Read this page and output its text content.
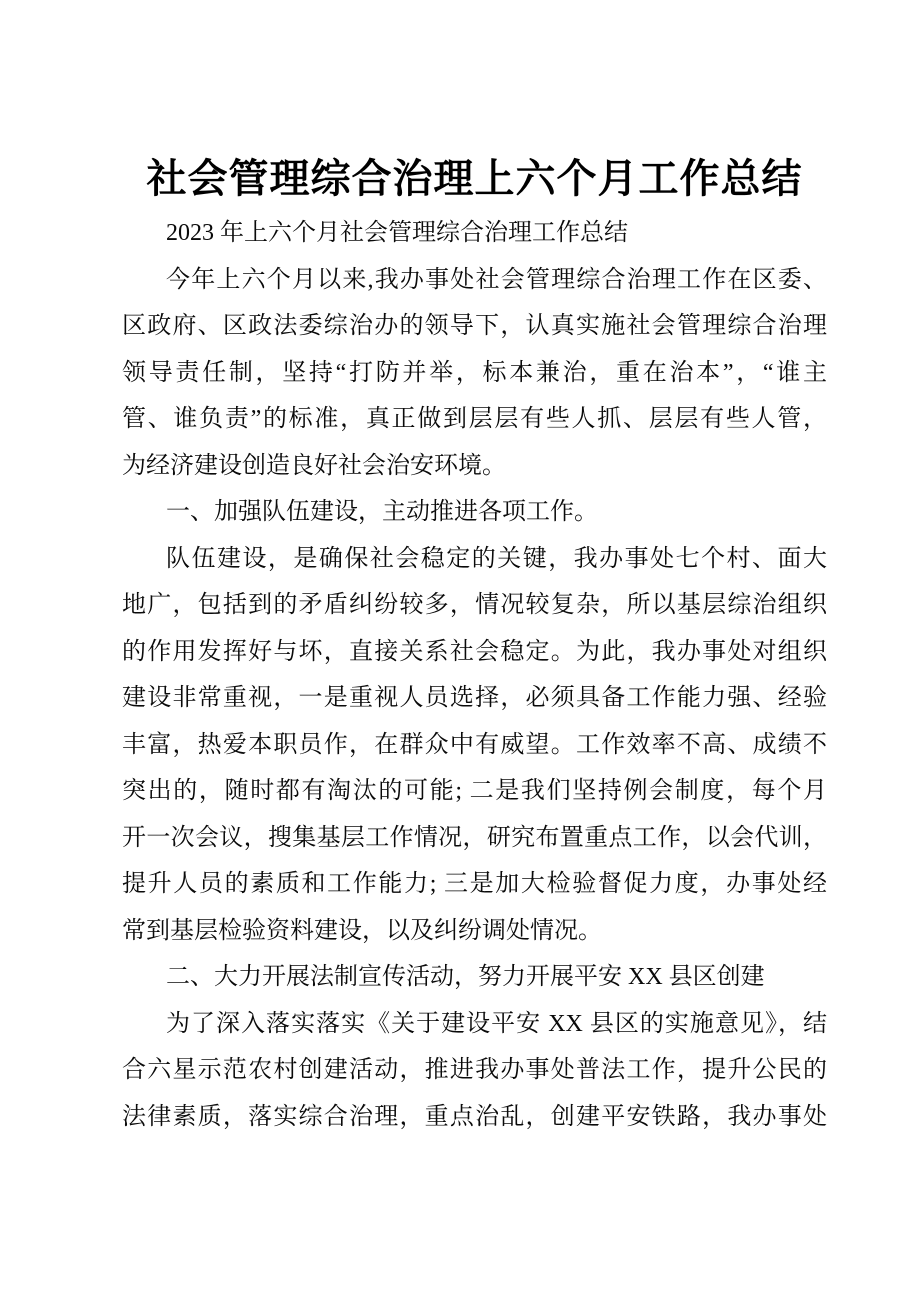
社会管理综合治理上六个月工作总结
2023 年上六个月社会管理综合治理工作总结
今年上六个月以来,我办事处社会管理综合治理工作在区委、
区政府、区政法委综治办的领导下，认真实施社会管理综合治理
领导责任制，坚持“打防并举，标本兼治，重在治本”，“谁主
管、谁负责”的标准，真正做到层层有些人抓、层层有些人管，
为经济建设创造良好社会治安环境。
一、加强队伍建设，主动推进各项工作。
队伍建设，是确保社会稳定的关键，我办事处七个村、面大
地广，包括到的矛盾纠纷较多，情况较复杂，所以基层综治组织
的作用发挥好与坏，直接关系社会稳定。为此，我办事处对组织
建设非常重视，一是重视人员选择，必须具备工作能力强、经验
丰富，热爱本职员作，在群众中有威望。工作效率不高、成绩不
突出的，随时都有淘汰的可能; 二是我们坚持例会制度，每个月
开一次会议，搜集基层工作情况，研究布置重点工作，以会代训，
提升人员的素质和工作能力; 三是加大检验督促力度，办事处经
常到基层检验资料建设，以及纠纷调处情况。
二、大力开展法制宣传活动，努力开展平安 XX 县区创建
为了深入落实落实《关于建设平安 XX 县区的实施意见》，结
合六星示范农村创建活动，推进我办事处普法工作，提升公民的
法律素质，落实综合治理，重点治乱，创建平安铁路，我办事处
